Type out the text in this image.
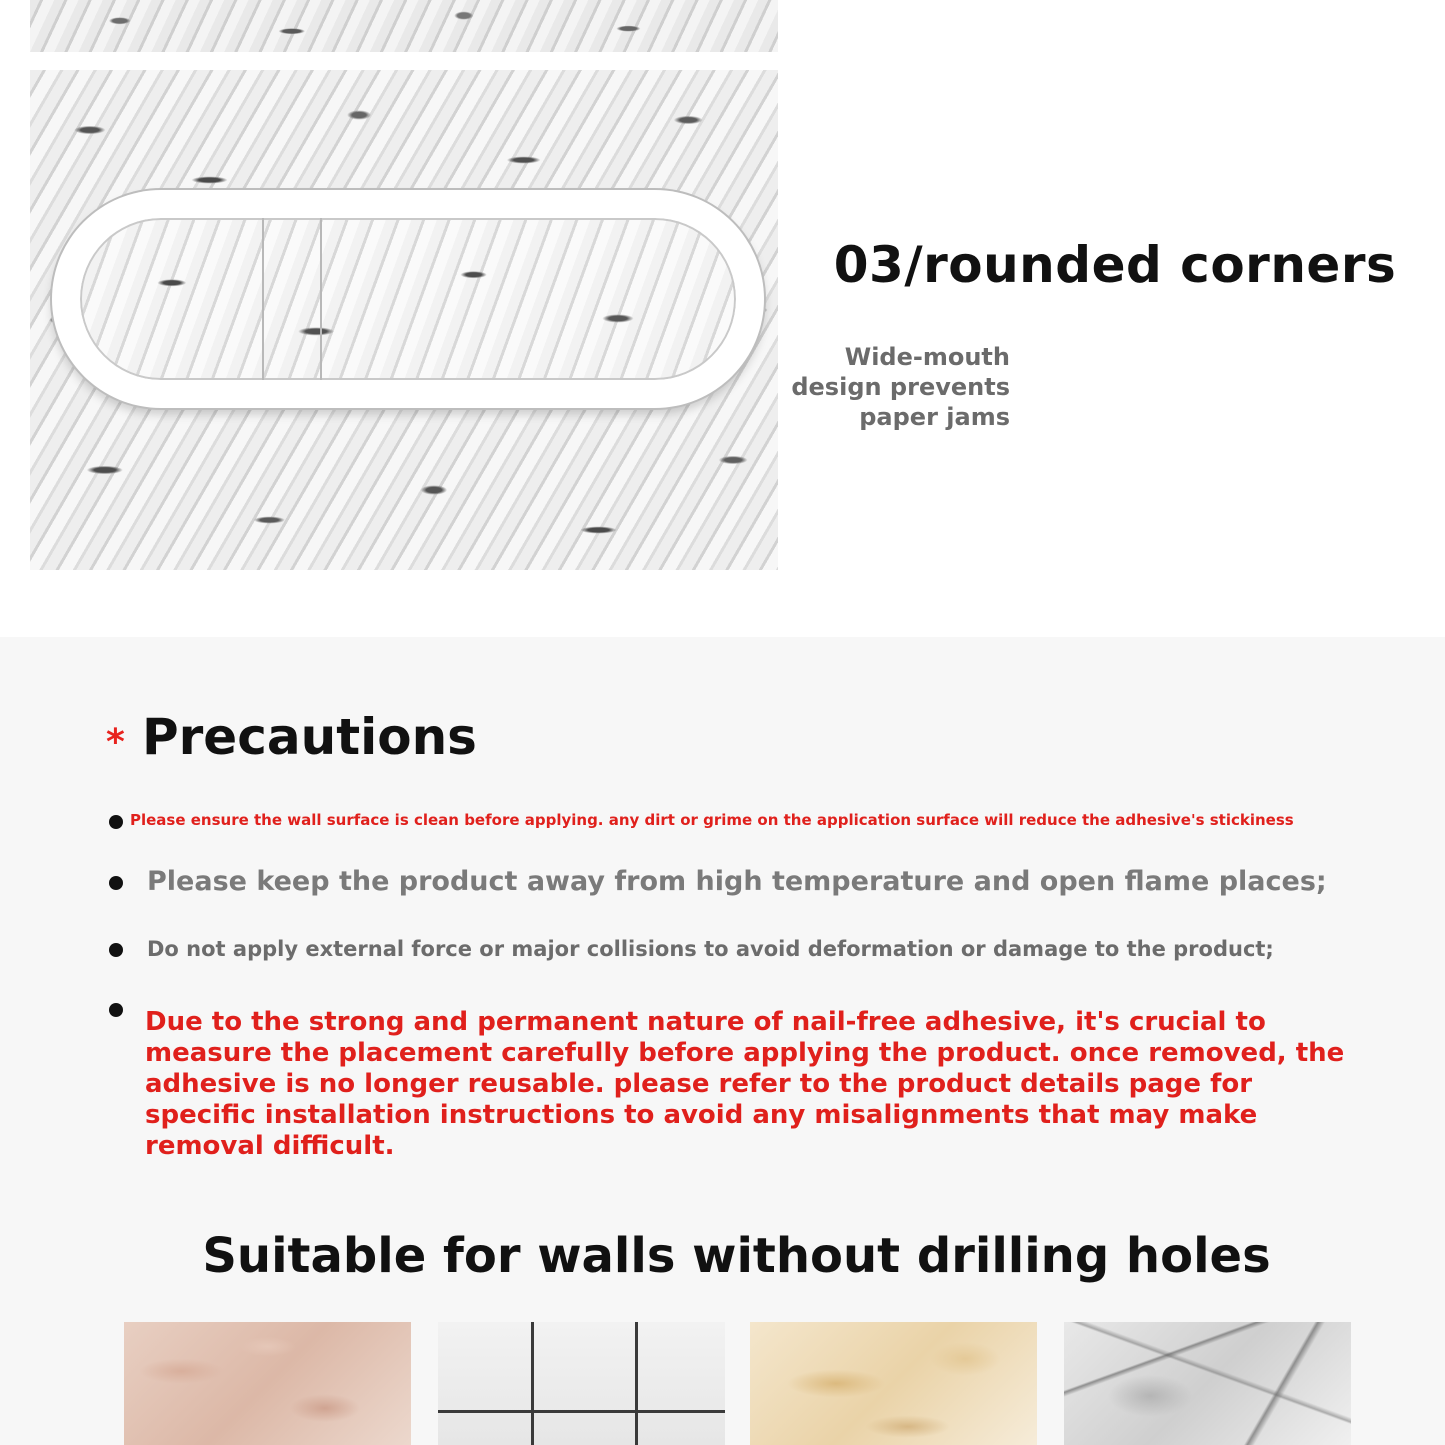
03/rounded corners

Wide-mouth design prevents paper jams

* Precautions

Please ensure the wall surface is clean before applying. any dirt or grime on the application surface will reduce the adhesive's stickiness

Please keep the product away from high temperature and open flame places;

Do not apply external force or major collisions to avoid deformation or damage to the product;

Due to the strong and permanent nature of nail-free adhesive, it's crucial to measure the placement carefully before applying the product. once removed, the adhesive is no longer reusable. please refer to the product details page for specific installation instructions to avoid any misalignments that may make removal difficult.

Suitable for walls without drilling holes
